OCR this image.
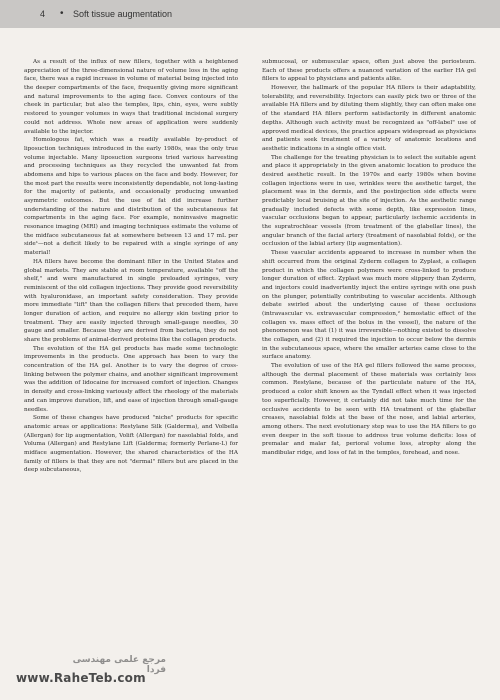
4 • Soft tissue augmentation

As a result of the influx of new fillers, together with a heightened appreciation of the three-dimensional nature of volume loss in the aging face, there was a rapid increase in volume of material being injected into the deeper compartments of the face, frequently giving more significant and natural improvements to the aging face. Convex contours of the cheek in particular, but also the temples, lips, chin, eyes, were subtly restored to younger volumes in ways that traditional incisional surgery could not address. Whole new areas of application were suddenly available to the injector.

Homologous fat, which was a readily available by-product of liposuction techniques introduced in the early 1980s, was the only true volume injectable. Many liposuction surgeons tried various harvesting and processing techniques as they recycled the unwanted fat from abdomens and hips to various places on the face and body. However, for the most part the results were inconsistently dependable, not long-lasting for the majority of patients, and occasionally producing unwanted asymmetric outcomes. But the use of fat did increase further understanding of the nature and distribution of the subcutaneous fat compartments in the aging face. For example, noninvasive magnetic resonance imaging (MRI) and imaging techniques estimate the volume of the midface subcutaneous fat at somewhere between 13 and 17 mL per side¹—not a deficit likely to be repaired with a single syringe of any material!

HA fillers have become the dominant filler in the United States and global markets. They are stable at room temperature, available "off the shelf," and were manufactured in single preloaded syringes, very reminiscent of the old collagen injections. They provide good reversibility with hyaluronidase, an important safety consideration. They provide more immediate "lift" than the collagen fillers that preceded them, have longer duration of action, and require no allergy skin testing prior to treatment. They are easily injected through small-gauge needles, 30 gauge and smaller. Because they are derived from bacteria, they do not share the problems of animal-derived proteins like the collagen products.

The evolution of the HA gel products has made some technologic improvements in the products. One approach has been to vary the concentration of the HA gel. Another is to vary the degree of cross-linking between the polymer chains, and another significant improvement was the addition of lidocaine for increased comfort of injection. Changes in density and cross-linking variously affect the rheology of the materials and can improve duration, lift, and ease of injection through small-gauge needles.

Some of these changes have produced "niche" products for specific anatomic areas or applications: Restylane Silk (Galderma), and Volbella (Allergan) for lip augmentation, Volift (Allergan) for nasolabial folds, and Voluma (Allergan) and Restylane Lift (Galderma; formerly Perlane-L) for midface augmentation. However, the shared characteristics of the HA family of fillers is that they are not "dermal" fillers but are placed in the deep subcutaneous,

submucosal, or submuscular space, often just above the periosteum. Each of these products offers a nuanced variation of the earlier HA gel fillers to appeal to physicians and patients alike.

However, the hallmark of the popular HA fillers is their adaptability, tolerability, and reversibility. Injectors can easily pick two or three of the available HA fillers and by diluting them slightly, they can often make one of the standard HA fillers perform satisfactorily in different anatomic depths. Although such activity must be recognized as "off-label" use of approved medical devices, the practice appears widespread as physicians and patients seek treatment of a variety of anatomic locations and aesthetic indications in a single office visit.

The challenge for the treating physician is to select the suitable agent and place it appropriately in the given anatomic location to produce the desired aesthetic result. In the 1970s and early 1980s when bovine collagen injections were in use, wrinkles were the aesthetic target, the placement was in the dermis, and the postinjection side effects were predictably local bruising at the site of injection. As the aesthetic range gradually included defects with some depth, like expression lines, vascular occlusions began to appear, particularly ischemic accidents in the supratrochlear vessels (from treatment of the glabellar lines), the angular branch of the facial artery (treatment of nasolabial folds), or the occlusion of the labial artery (lip augmentation).

These vascular accidents appeared to increase in number when the shift occurred from the original Zyderm collagen to Zyplast, a collagen product in which the collagen polymers were cross-linked to produce longer duration of effect. Zyplast was much more slippery than Zyderm, and injectors could inadvertently inject the entire syringe with one push on the plunger, potentially contributing to vascular accidents. Although debate swirled about the underlying cause of these occlusions (intravascular vs. extravascular compression,² hemostatic effect of the collagen vs. mass effect of the bolus in the vessel), the nature of the phenomenon was that (1) it was irreversible—nothing existed to dissolve the collagen, and (2) it required the injection to occur below the dermis in the subcutaneous space, where the smaller arteries came close to the surface anatomy.

The evolution of use of the HA gel fillers followed the same process, although the dermal placement of these materials was certainly less common. Restylane, because of the particulate nature of the HA, produced a color shift known as the Tyndall effect when it was injected too superficially. However, it certainly did not take much time for the occlusive accidents to be seen with HA treatment of the glabellar creases, nasolabial folds at the base of the nose, and labial arteries, among others. The next evolutionary step was to use the HA fillers to go even deeper in the soft tissue to address true volume deficits: loss of premalar and malar fat, perioral volume loss, atrophy along the mandibular ridge, and loss of fat in the temples, forehead, and nose.

مرجع علمی مهندسی فردا
www.RaheTeb.com
